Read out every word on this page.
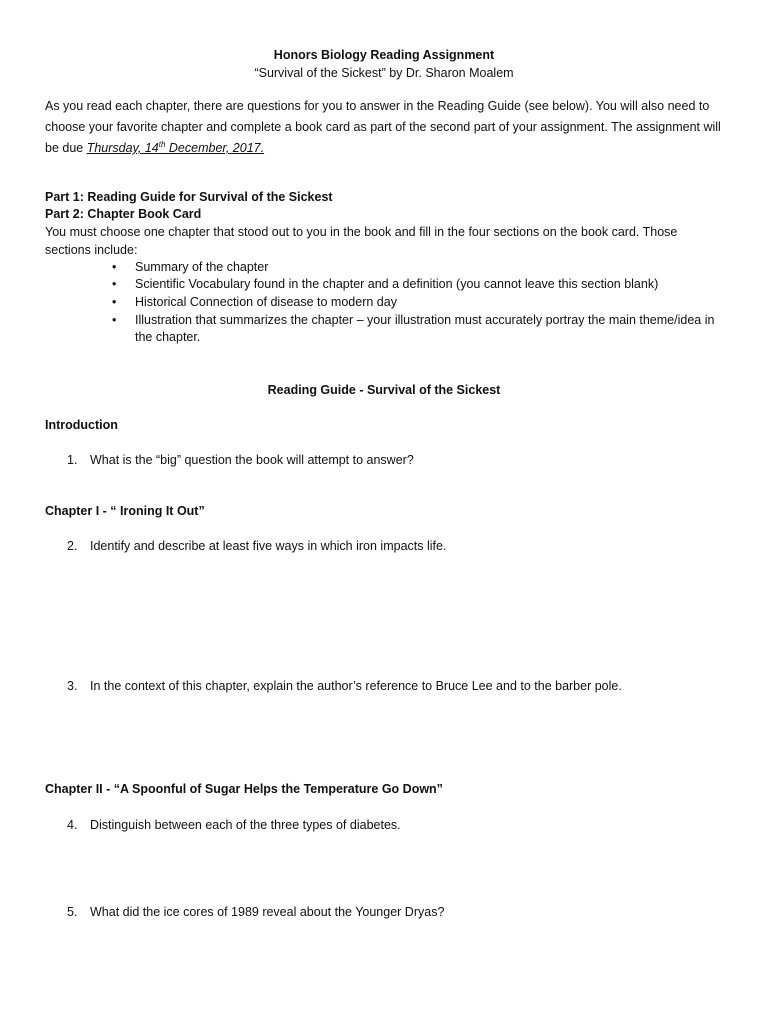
Honors Biology Reading Assignment
“Survival of the Sickest” by Dr. Sharon Moalem
As you read each chapter, there are questions for you to answer in the Reading Guide (see below). You will also need to choose your favorite chapter and complete a book card as part of the second part of your assignment. The assignment will be due Thursday, 14th December, 2017.
Part 1: Reading Guide for Survival of the Sickest
Part 2: Chapter Book Card
You must choose one chapter that stood out to you in the book and fill in the four sections on the book card. Those sections include:
• Summary of the chapter
• Scientific Vocabulary found in the chapter and a definition (you cannot leave this section blank)
• Historical Connection of disease to modern day
• Illustration that summarizes the chapter – your illustration must accurately portray the main theme/idea in the chapter.
Reading Guide - Survival of the Sickest
Introduction
1. What is the “big” question the book will attempt to answer?
Chapter I - “ Ironing It Out”
2. Identify and describe at least five ways in which iron impacts life.
3. In the context of this chapter, explain the author’s reference to Bruce Lee and to the barber pole.
Chapter II - “A Spoonful of Sugar Helps the Temperature Go Down”
4. Distinguish between each of the three types of diabetes.
5. What did the ice cores of 1989 reveal about the Younger Dryas?
